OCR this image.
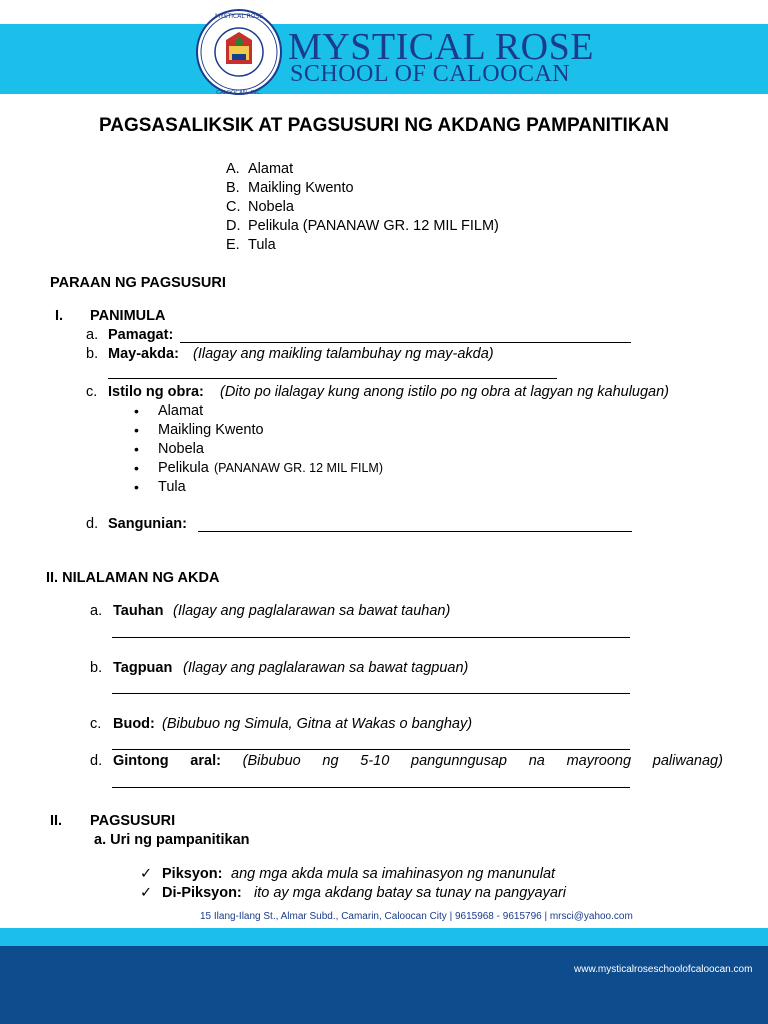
MYSTICAL ROSE
CALOOCAN, INC.
MYSTICAL ROSE
SCHOOL OF CALOOCAN
PAGSASALIKSIK AT PAGSUSURI NG AKDANG PAMPANITIKAN
A. Alamat
B. Maikling Kwento
C. Nobela
D. Pelikula (PANANAW GR. 12 MIL FILM)
E. Tula
PARAAN NG PAGSUSURI
I. PANIMULA
a. Pamagat:
b. May-akda: (Ilagay ang maikling talambuhay ng may-akda)
c. Istilo ng obra: (Dito po ilalagay kung anong istilo po ng obra at lagyan ng kahulugan)
• Alamat
• Maikling Kwento
• Nobela
• Pelikula (PANANAW GR. 12 MIL FILM)
• Tula
d. Sangunian:
II. NILALAMAN NG AKDA
a. Tauhan (Ilagay ang paglalarawan sa bawat tauhan)
b. Tagpuan (Ilagay ang paglalarawan sa bawat tagpuan)
c. Buod: (Bibubuo ng Simula, Gitna at Wakas o banghay)
d. Gintong aral: (Bibubuo ng 5-10 pangunngusap na mayroong paliwanag)
II. PAGSUSURI
a. Uri ng pampanitikan
✓ Piksyon: ang mga akda mula sa imahinasyon ng manunulat
✓ Di-Piksyon: ito ay mga akdang batay sa tunay na pangyayari
15 Ilang-Ilang St., Almar Subd., Camarin, Caloocan City | 9615968 - 9615796 | mrsci@yahoo.com
www.mysticalroseschoolofcaloocan.com
